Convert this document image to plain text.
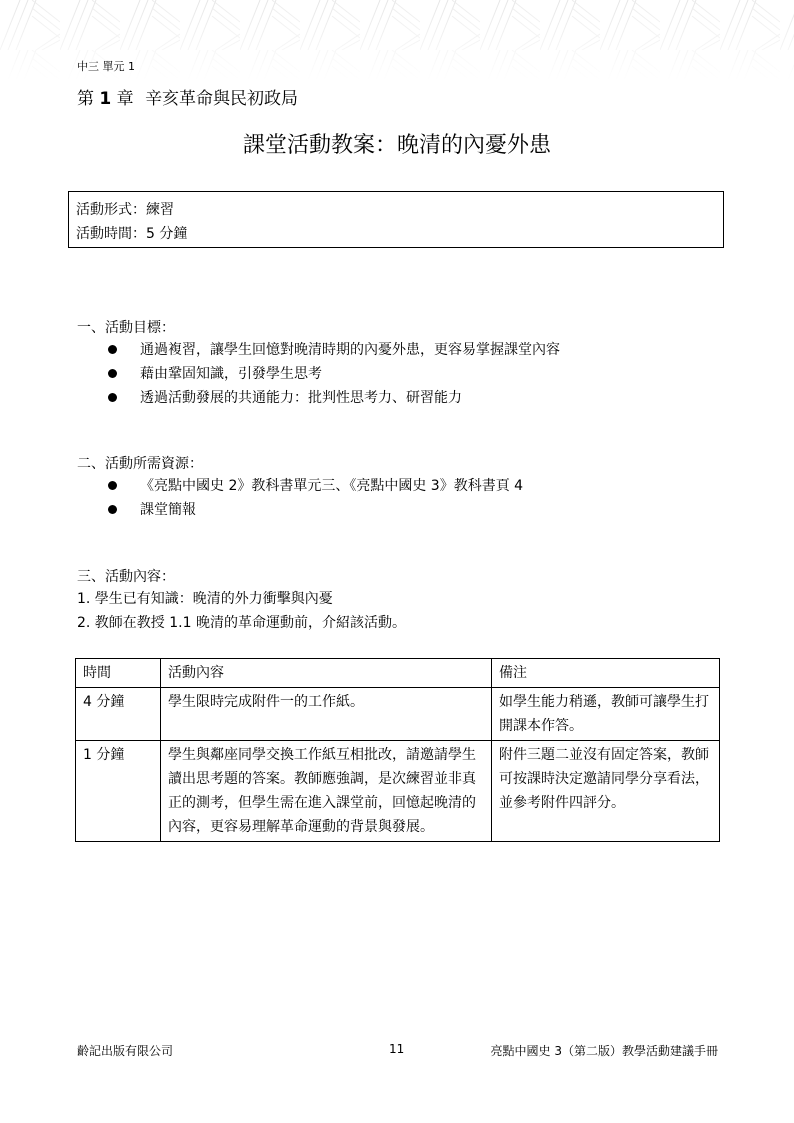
中三 單元 1
第 1 章 辛亥革命與民初政局
課堂活動教案：晚清的內憂外患
活動形式：練習
活動時間：5 分鐘
一、活動目標：
通過複習，讓學生回憶對晚清時期的內憂外患，更容易掌握課堂內容
藉由鞏固知識，引發學生思考
透過活動發展的共通能力：批判性思考力、研習能力
二、活動所需資源：
《亮點中國史 2》教科書單元三、《亮點中國史 3》教科書頁 4
課堂簡報
三、活動內容：
1. 學生已有知識：晚清的外力衝擊與內憂
2. 教師在教授 1.1 晚清的革命運動前，介紹該活動。
時間	活動內容	備注
4 分鐘	學生限時完成附件一的工作紙。	如學生能力稍遜，教師可讓學生打開課本作答。
1 分鐘	學生與鄰座同學交換工作紙互相批改，請邀請學生讀出思考題的答案。教師應強調，是次練習並非真正的測考，但學生需在進入課堂前，回憶起晚清的內容，更容易理解革命運動的背景與發展。	附件三題二並沒有固定答案，教師可按課時決定邀請同學分享看法，並參考附件四評分。
齡記出版有限公司	11	亮點中國史 3（第二版）教學活動建議手冊
